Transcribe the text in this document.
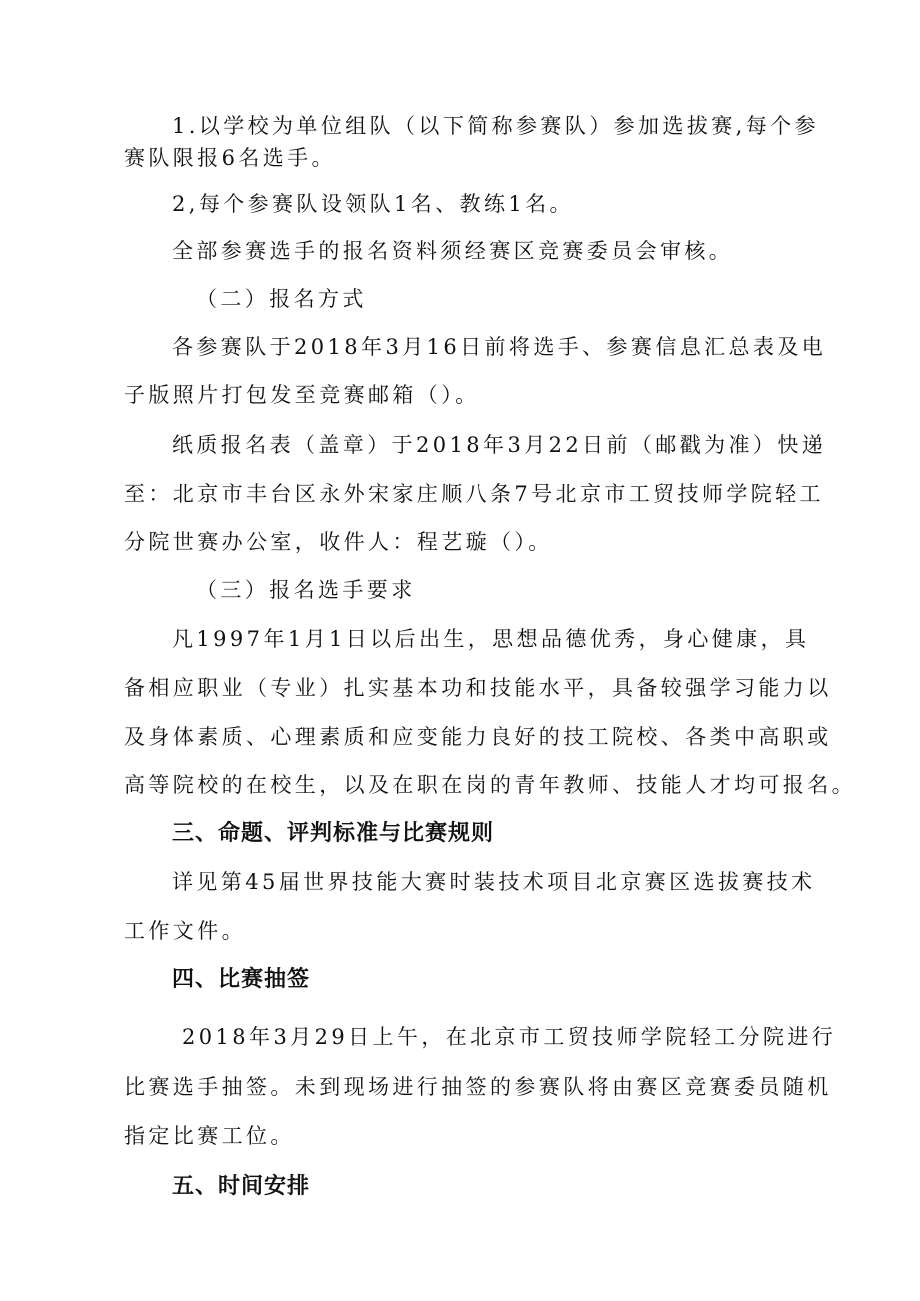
1.以学校为单位组队（以下简称参赛队）参加选拔赛,每个参
赛队限报6名选手。
2,每个参赛队设领队1名、教练1名。
全部参赛选手的报名资料须经赛区竞赛委员会审核。
（二）报名方式
各参赛队于2018年3月16日前将选手、参赛信息汇总表及电
子版照片打包发至竞赛邮箱（）。
纸质报名表（盖章）于2018年3月22日前（邮戳为准）快递
至：北京市丰台区永外宋家庄顺八条7号北京市工贸技师学院轻工
分院世赛办公室，收件人：程艺璇（）。
（三）报名选手要求
凡1997年1月1日以后出生，思想品德优秀，身心健康，具
备相应职业（专业）扎实基本功和技能水平，具备较强学习能力以
及身体素质、心理素质和应变能力良好的技工院校、各类中高职或
高等院校的在校生，以及在职在岗的青年教师、技能人才均可报名。
三、命题、评判标准与比赛规则
详见第45届世界技能大赛时装技术项目北京赛区选拔赛技术
工作文件。
四、比赛抽签
2018年3月29日上午，在北京市工贸技师学院轻工分院进行
比赛选手抽签。未到现场进行抽签的参赛队将由赛区竞赛委员随机
指定比赛工位。
五、时间安排
